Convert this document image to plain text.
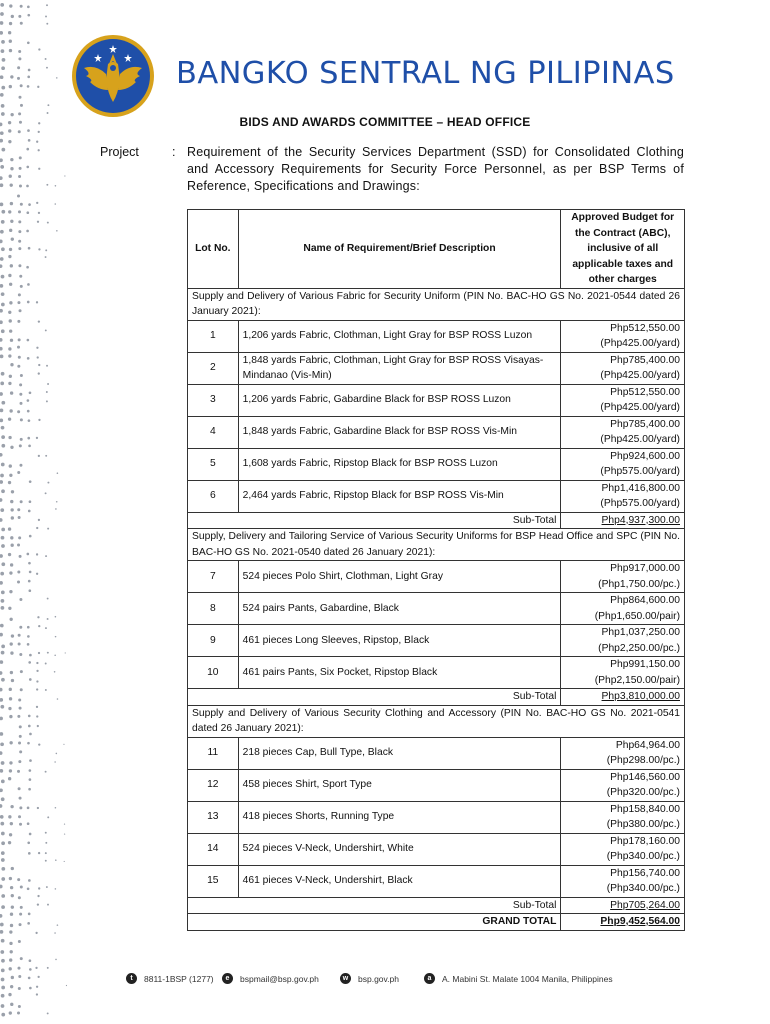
BANGKO SENTRAL NG PILIPINAS
BIDS AND AWARDS COMMITTEE – HEAD OFFICE
Project	: Requirement of the Security Services Department (SSD) for Consolidated Clothing and Accessory Requirements for Security Force Personnel, as per BSP Terms of Reference, Specifications and Drawings:
Lot No.	Name of Requirement/Brief Description	Approved Budget for the Contract (ABC), inclusive of all applicable taxes and other charges
Supply and Delivery of Various Fabric for Security Uniform (PIN No. BAC-HO GS No. 2021-0544 dated 26 January 2021):		
1	1,206 yards Fabric, Clothman, Light Gray for BSP ROSS Luzon	Php512,550.00
(Php425.00/yard)

2	1,848 yards Fabric, Clothman, Light Gray for BSP ROSS Visayas-Mindanao (Vis-Min)	Php785,400.00
(Php425.00/yard)

3	1,206 yards Fabric, Gabardine Black for BSP ROSS Luzon	Php512,550.00
(Php425.00/yard)

4	1,848 yards Fabric, Gabardine Black for BSP ROSS Vis-Min	Php785,400.00
(Php425.00/yard)

5	1,608 yards Fabric, Ripstop Black for BSP ROSS Luzon	Php924,600.00
(Php575.00/yard)

6	2,464 yards Fabric, Ripstop Black for BSP ROSS Vis-Min	Php1,416,800.00
(Php575.00/yard)

Sub-Total		Php4,937,300.00
Supply, Delivery and Tailoring Service of Various Security Uniforms for BSP Head Office and SPC (PIN No. BAC-HO GS No. 2021-0540 dated 26 January 2021):		
7	524 pieces Polo Shirt, Clothman, Light Gray	Php917,000.00
(Php1,750.00/pc.)

8	524 pairs Pants, Gabardine, Black	Php864,600.00
(Php1,650.00/pair)

9	461 pieces Long Sleeves, Ripstop, Black	Php1,037,250.00
(Php2,250.00/pc.)

10	461 pairs Pants, Six Pocket, Ripstop Black	Php991,150.00
(Php2,150.00/pair)

Sub-Total		Php3,810,000.00
Supply and Delivery of Various Security Clothing and Accessory (PIN No. BAC-HO GS No. 2021-0541 dated 26 January 2021):		
11	218 pieces Cap, Bull Type, Black	Php64,964.00
(Php298.00/pc.)

12	458 pieces Shirt, Sport Type	Php146,560.00
(Php320.00/pc.)

13	418 pieces Shorts, Running Type	Php158,840.00
(Php380.00/pc.)

14	524 pieces V-Neck, Undershirt, White	Php178,160.00
(Php340.00/pc.)

15	461 pieces V-Neck, Undershirt, Black	Php156,740.00
(Php340.00/pc.)

Sub-Total		Php705,264.00
GRAND TOTAL		Php9,452,564.00
t 8811-1BSP (1277)	e bspmail@bsp.gov.ph	w bsp.gov.ph	a A. Mabini St. Malate 1004 Manila, Philippines
